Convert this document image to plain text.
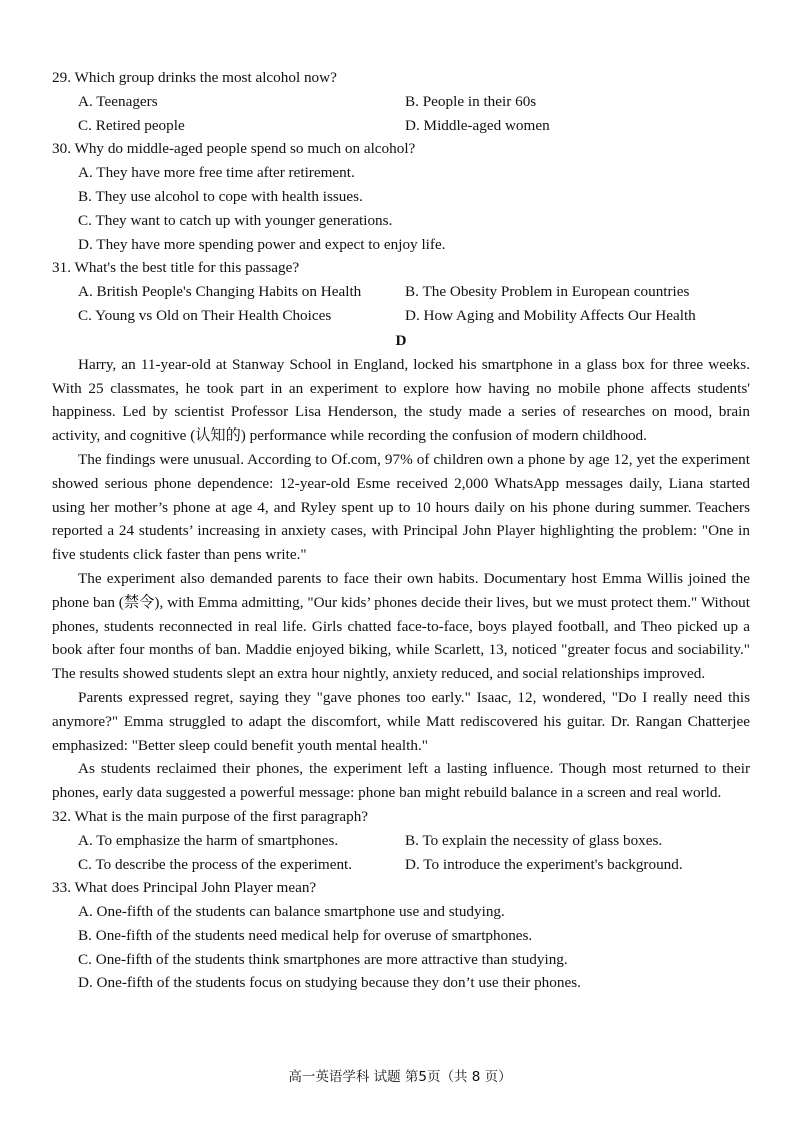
29. Which group drinks the most alcohol now?
A. Teenagers	B. People in their 60s
C. Retired people	D. Middle-aged women
30. Why do middle-aged people spend so much on alcohol?
A. They have more free time after retirement.
B. They use alcohol to cope with health issues.
C. They want to catch up with younger generations.
D. They have more spending power and expect to enjoy life.
31. What's the best title for this passage?
A. British People's Changing Habits on Health	B. The Obesity Problem in European countries
C. Young vs Old on Their Health Choices	D. How Aging and Mobility Affects Our Health
D

Harry, an 11-year-old at Stanway School in England, locked his smartphone in a glass box for three weeks. With 25 classmates, he took part in an experiment to explore how having no mobile phone affects students' happiness. Led by scientist Professor Lisa Henderson, the study made a series of researches on mood, brain activity, and cognitive (认知的) performance while recording the confusion of modern childhood.

The findings were unusual. According to Of.com, 97% of children own a phone by age 12, yet the experiment showed serious phone dependence: 12-year-old Esme received 2,000 WhatsApp messages daily, Liana started using her mother’s phone at age 4, and Ryley spent up to 10 hours daily on his phone during summer. Teachers reported a 24 students’ increasing in anxiety cases, with Principal John Player highlighting the problem: "One in five students click faster than pens write."

The experiment also demanded parents to face their own habits. Documentary host Emma Willis joined the phone ban (禁令), with Emma admitting, "Our kids’ phones decide their lives, but we must protect them." Without phones, students reconnected in real life. Girls chatted face-to-face, boys played football, and Theo picked up a book after four months of ban. Maddie enjoyed biking, while Scarlett, 13, noticed "greater focus and sociability." The results showed students slept an extra hour nightly, anxiety reduced, and social relationships improved.

Parents expressed regret, saying they "gave phones too early." Isaac, 12, wondered, "Do I really need this anymore?" Emma struggled to adapt the discomfort, while Matt rediscovered his guitar. Dr. Rangan Chatterjee emphasized: "Better sleep could benefit youth mental health."

As students reclaimed their phones, the experiment left a lasting influence. Though most returned to their phones, early data suggested a powerful message: phone ban might rebuild balance in a screen and real world.

32. What is the main purpose of the first paragraph?
A. To emphasize the harm of smartphones.	B. To explain the necessity of glass boxes.
C. To describe the process of the experiment.	D. To introduce the experiment's background.
33. What does Principal John Player mean?
A. One-fifth of the students can balance smartphone use and studying.
B. One-fifth of the students need medical help for overuse of smartphones.
C. One-fifth of the students think smartphones are more attractive than studying.
D. One-fifth of the students focus on studying because they don’t use their phones.
高一英语学科 试题 第5页（共 8 页）
